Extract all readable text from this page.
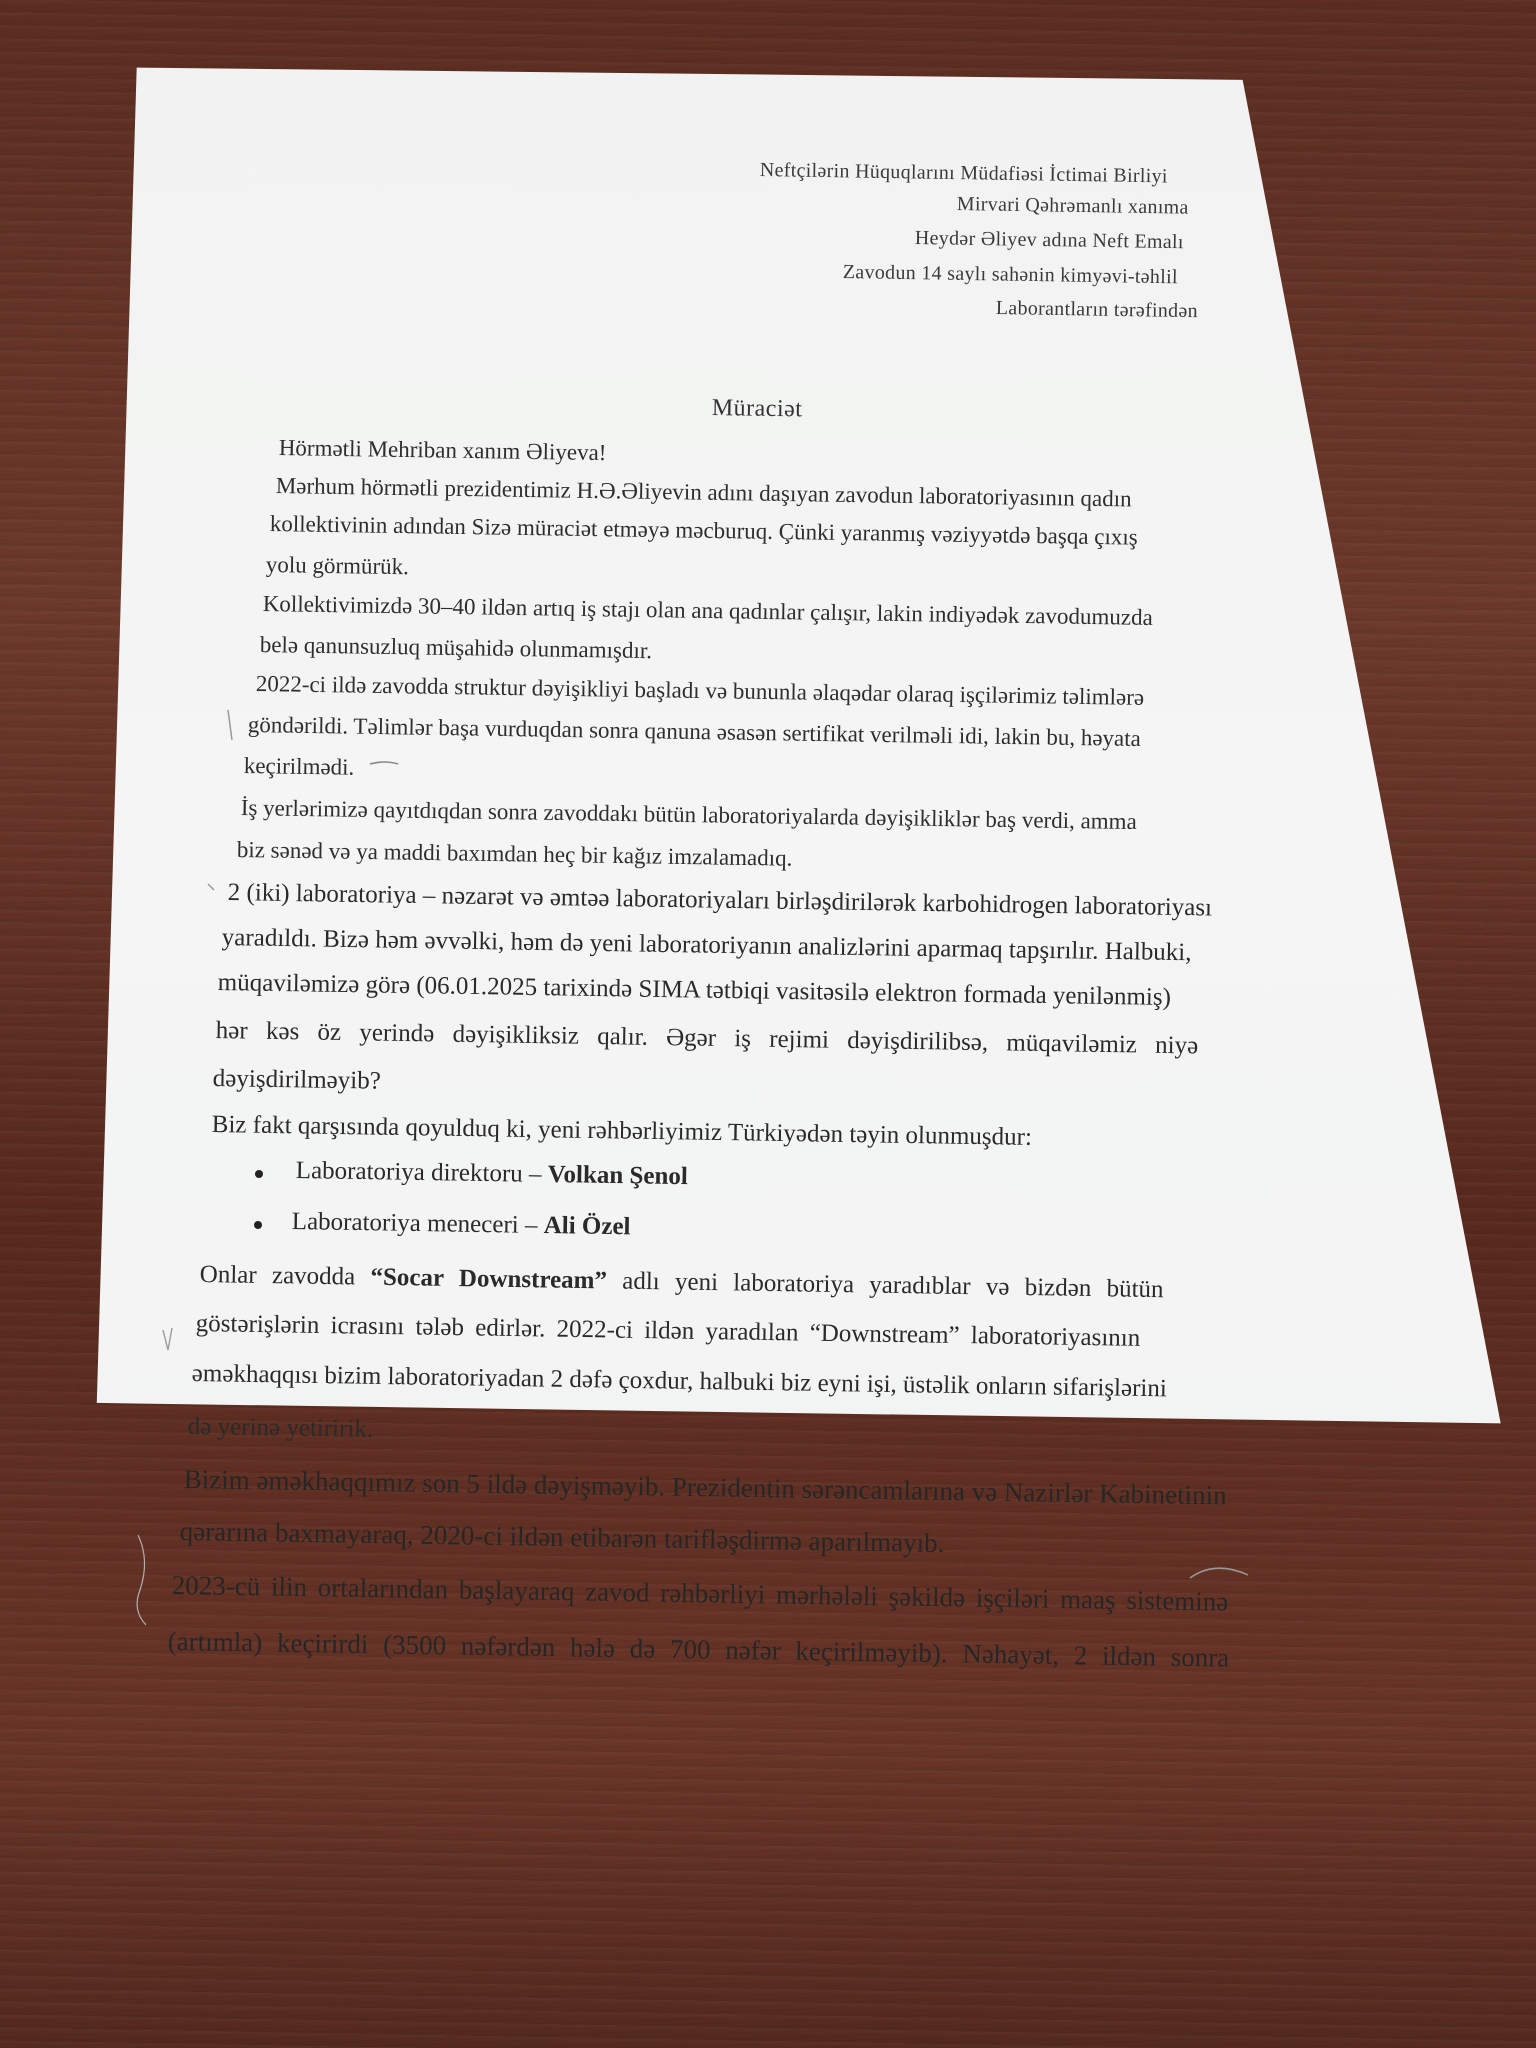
Neftçilərin Hüquqlarını Müdafiəsi İctimai Birliyi
Mirvari Qəhrəmanlı xanıma
Heydər Əliyev adına Neft Emalı
Zavodun 14 saylı sahənin kimyəvi-təhlil
Laborantların tərəfindən
Müraciət
Hörmətli Mehriban xanım Əliyeva!
Mərhum hörmətli prezidentimiz H.Ə.Əliyevin adını daşıyan zavodun laboratoriyasının qadın
kollektivinin adından Sizə müraciət etməyə məcburuq. Çünki yaranmış vəziyyətdə başqa çıxış
yolu görmürük.
Kollektivimizdə 30–40 ildən artıq iş stajı olan ana qadınlar çalışır, lakin indiyədək zavodumuzda
belə qanunsuzluq müşahidə olunmamışdır.
2022-ci ildə zavodda struktur dəyişikliyi başladı və bununla əlaqədar olaraq işçilərimiz təlimlərə
göndərildi. Təlimlər başa vurduqdan sonra qanuna əsasən sertifikat verilməli idi, lakin bu, həyata
keçirilmədi.
İş yerlərimizə qayıtdıqdan sonra zavoddakı bütün laboratoriyalarda dəyişikliklər baş verdi, amma
biz sənəd və ya maddi baxımdan heç bir kağız imzalamadıq.
2 (iki) laboratoriya – nəzarət və əmtəə laboratoriyaları birləşdirilərək karbohidrogen laboratoriyası
yaradıldı. Bizə həm əvvəlki, həm də yeni laboratoriyanın analizlərini aparmaq tapşırılır. Halbuki,
müqaviləmizə görə (06.01.2025 tarixində SIMA tətbiqi vasitəsilə elektron formada yenilənmiş)
hər kəs öz yerində dəyişikliksiz qalır. Əgər iş rejimi dəyişdirilibsə, müqaviləmiz niyə
dəyişdirilməyib?
Biz fakt qarşısında qoyulduq ki, yeni rəhbərliyimiz Türkiyədən təyin olunmuşdur:
Laboratoriya direktoru – Volkan Şenol
Laboratoriya meneceri – Ali Özel
Onlar zavodda “Socar Downstream” adlı yeni laboratoriya yaradıblar və bizdən bütün
göstərişlərin icrasını tələb edirlər. 2022-ci ildən yaradılan “Downstream” laboratoriyasının
əməkhaqqısı bizim laboratoriyadan 2 dəfə çoxdur, halbuki biz eyni işi, üstəlik onların sifarişlərini
də yerinə yetiririk.
Bizim əməkhaqqımız son 5 ildə dəyişməyib. Prezidentin sərəncamlarına və Nazirlər Kabinetinin
qərarına baxmayaraq, 2020-ci ildən etibarən tarifləşdirmə aparılmayıb.
2023-cü ilin ortalarından başlayaraq zavod rəhbərliyi mərhələli şəkildə işçiləri maaş sisteminə
(artımla) keçirirdi (3500 nəfərdən hələ də 700 nəfər keçirilməyib). Nəhayət, 2 ildən sonra
